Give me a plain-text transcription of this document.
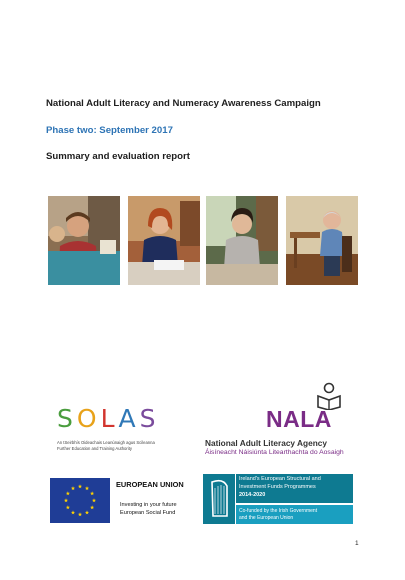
National Adult Literacy and Numeracy Awareness Campaign
Phase two: September 2017
Summary and evaluation report
SOLAS
An tSeirbhís Oideachais Leanúnaigh agus Scileanna
Further Education and Training Authority
NALA
National Adult Literacy Agency
Áisíneacht Náisiúnta Litearthachta do Aosaigh
EUROPEAN UNION
Investing in your future
European Social Fund
Ireland's European Structural and
Investment Funds Programmes
2014-2020
Co-funded by the Irish Government
and the European Union
1
